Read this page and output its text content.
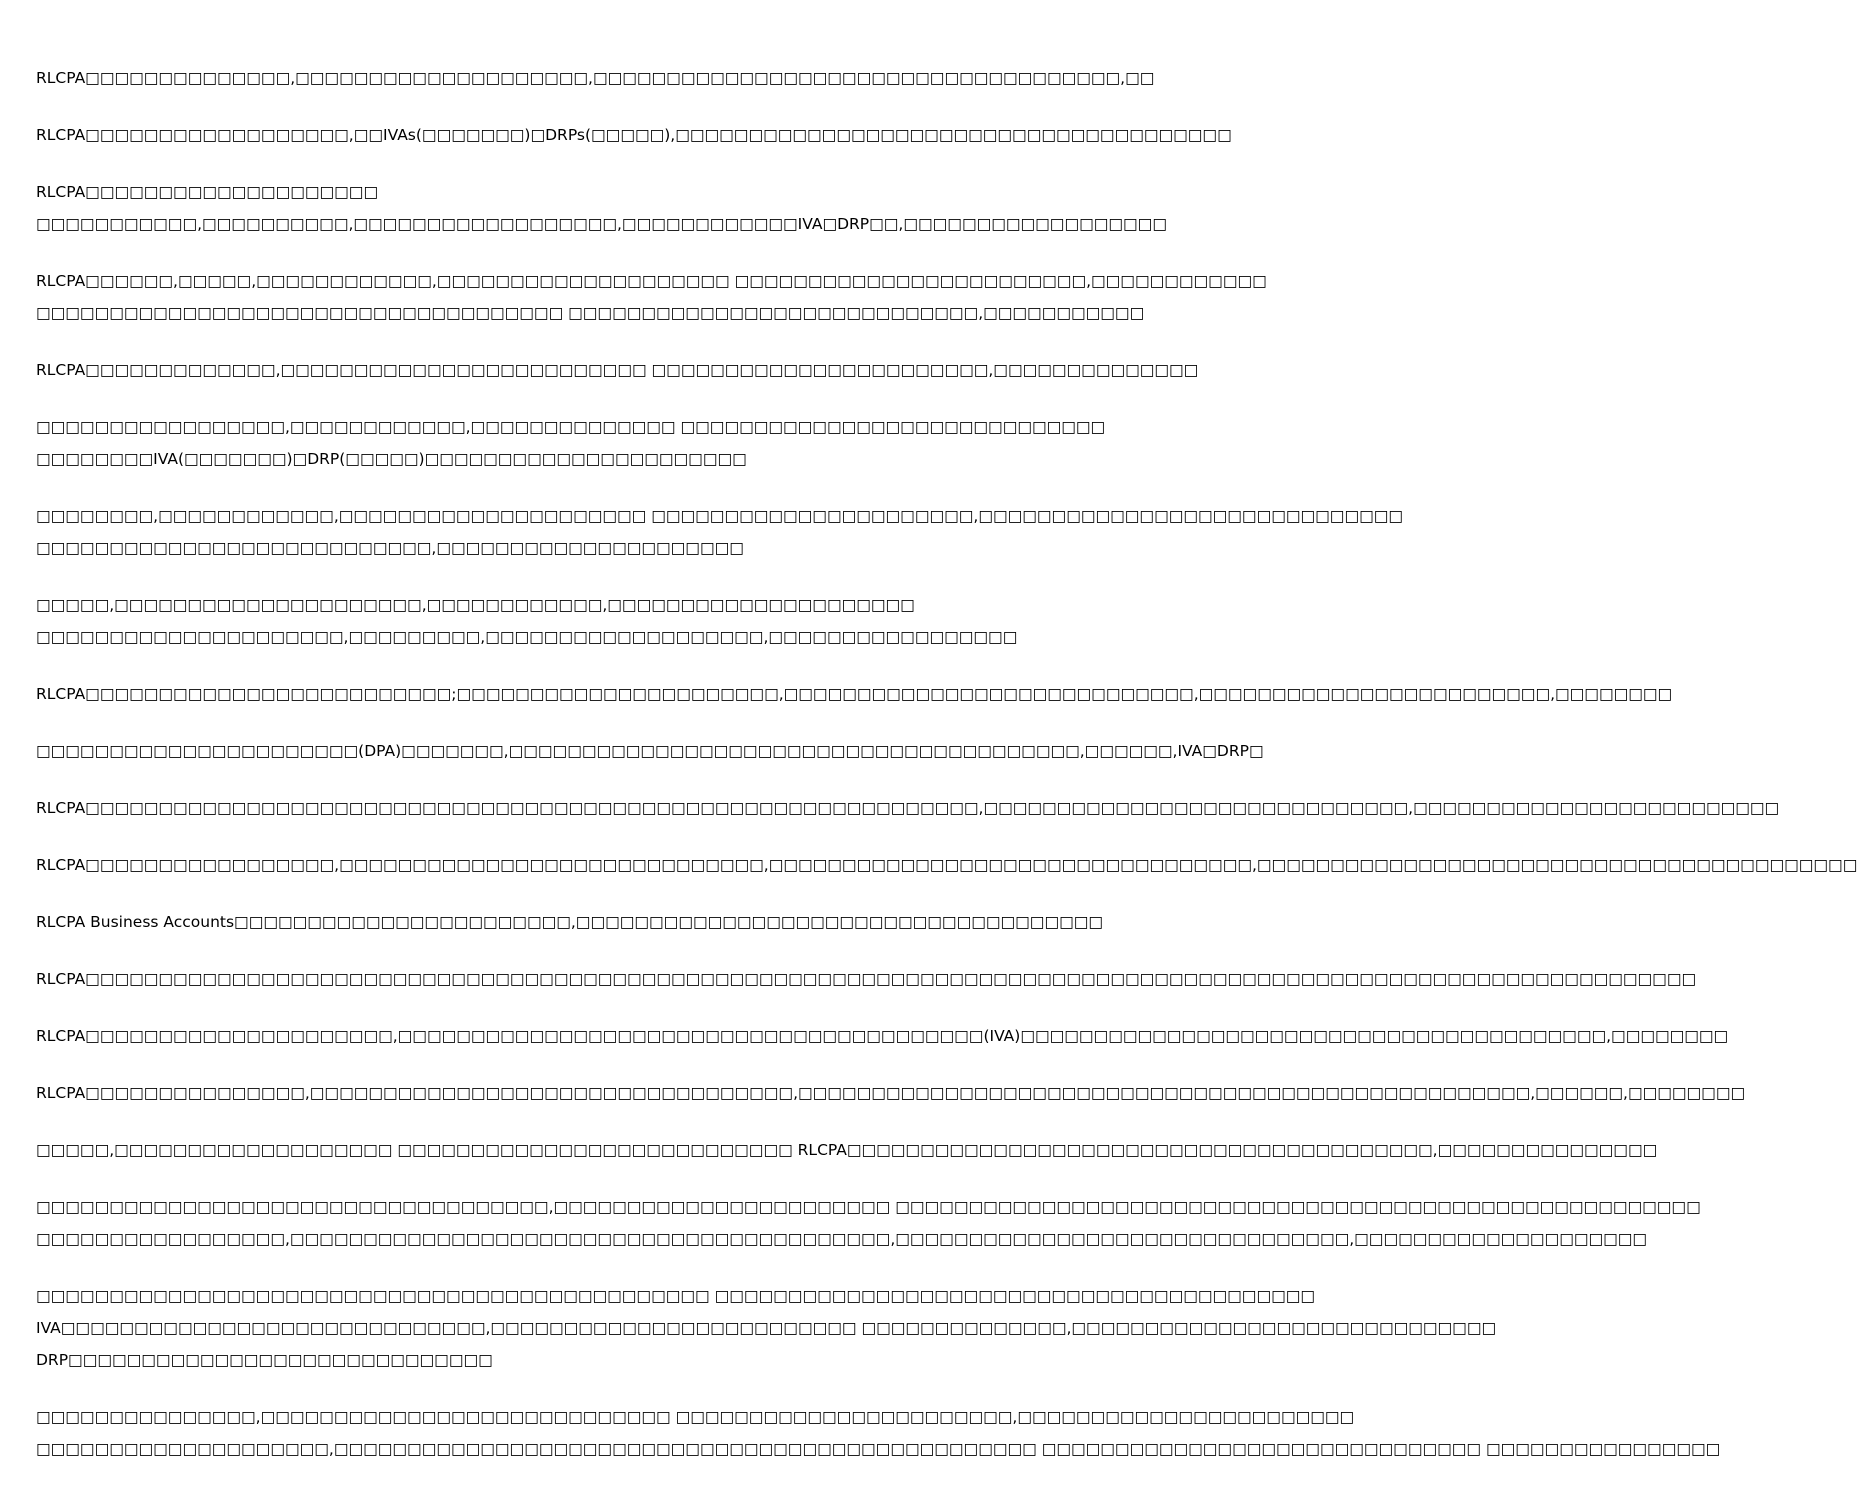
RLCPA□□□□□□□□□□□□□□,□□□□□□□□□□□□□□□□□□□□,□□□□□□□□□□□□□□□□□□□□□□□□□□□□□□□□□□□□,□□

RLCPA□□□□□□□□□□□□□□□□□□,□□IVAs(□□□□□□□)□DRPs(□□□□□),□□□□□□□□□□□□□□□□□□□□□□□□□□□□□□□□□□□□□□

RLCPA□□□□□□□□□□□□□□□□□□□□
□□□□□□□□□□□,□□□□□□□□□□,□□□□□□□□□□□□□□□□□□,□□□□□□□□□□□□IVA□DRP□□,□□□□□□□□□□□□□□□□□□

RLCPA□□□□□□,□□□□□,□□□□□□□□□□□□,□□□□□□□□□□□□□□□□□□□□ □□□□□□□□□□□□□□□□□□□□□□□□,□□□□□□□□□□□□
□□□□□□□□□□□□□□□□□□□□□□□□□□□□□□□□□□□□ □□□□□□□□□□□□□□□□□□□□□□□□□□□□,□□□□□□□□□□□

RLCPA□□□□□□□□□□□□□,□□□□□□□□□□□□□□□□□□□□□□□□□ □□□□□□□□□□□□□□□□□□□□□□□,□□□□□□□□□□□□□□

□□□□□□□□□□□□□□□□□,□□□□□□□□□□□□,□□□□□□□□□□□□□□ □□□□□□□□□□□□□□□□□□□□□□□□□□□□□
□□□□□□□□IVA(□□□□□□□)□DRP(□□□□□)□□□□□□□□□□□□□□□□□□□□□□

□□□□□□□□,□□□□□□□□□□□□,□□□□□□□□□□□□□□□□□□□□□ □□□□□□□□□□□□□□□□□□□□□□,□□□□□□□□□□□□□□□□□□□□□□□□□□□□□
□□□□□□□□□□□□□□□□□□□□□□□□□□□,□□□□□□□□□□□□□□□□□□□□□

□□□□□,□□□□□□□□□□□□□□□□□□□□□,□□□□□□□□□□□□,□□□□□□□□□□□□□□□□□□□□□
□□□□□□□□□□□□□□□□□□□□□,□□□□□□□□□,□□□□□□□□□□□□□□□□□□□,□□□□□□□□□□□□□□□□□

RLCPA□□□□□□□□□□□□□□□□□□□□□□□□□;□□□□□□□□□□□□□□□□□□□□□□,□□□□□□□□□□□□□□□□□□□□□□□□□□□□,□□□□□□□□□□□□□□□□□□□□□□□□,□□□□□□□□

□□□□□□□□□□□□□□□□□□□□□□(DPA)□□□□□□□,□□□□□□□□□□□□□□□□□□□□□□□□□□□□□□□□□□□□□□□,□□□□□□,IVA□DRP□

RLCPA□□□□□□□□□□□□□□□□□□□□□□□□□□□□□□□□□□□□□□□□□□□□□□□□□□□□□□□□□□□□□,□□□□□□□□□□□□□□□□□□□□□□□□□□□□□,□□□□□□□□□□□□□□□□□□□□□□□□□

RLCPA□□□□□□□□□□□□□□□□□,□□□□□□□□□□□□□□□□□□□□□□□□□□□□□,□□□□□□□□□□□□□□□□□□□□□□□□□□□□□□□□□,□□□□□□□□□□□□□□□□□□□□□□□□□□□□□□□□□□□□□□□□□

RLCPA Business Accounts□□□□□□□□□□□□□□□□□□□□□□□,□□□□□□□□□□□□□□□□□□□□□□□□□□□□□□□□□□□□

RLCPA□□□□□□□□□□□□□□□□□□□□□□□□□□□□□□□□□□□□□□□□□□□□□□□□□□□□□□□□□□□□□□□□□□□□□□□□□□□□□□□□□□□□□□□□□□□□□□□□□□□□□□□□□□□□□□

RLCPA□□□□□□□□□□□□□□□□□□□□□,□□□□□□□□□□□□□□□□□□□□□□□□□□□□□□□□□□□□□□□□(IVA)□□□□□□□□□□□□□□□□□□□□□□□□□□□□□□□□□□□□□□□□,□□□□□□□□

RLCPA□□□□□□□□□□□□□□□,□□□□□□□□□□□□□□□□□□□□□□□□□□□□□□□□□,□□□□□□□□□□□□□□□□□□□□□□□□□□□□□□□□□□□□□□□□□□□□□□□□□□,□□□□□□,□□□□□□□□

□□□□□,□□□□□□□□□□□□□□□□□□□ □□□□□□□□□□□□□□□□□□□□□□□□□□□ RLCPA□□□□□□□□□□□□□□□□□□□□□□□□□□□□□□□□□□□□□□□□,□□□□□□□□□□□□□□□

□□□□□□□□□□□□□□□□□□□□□□□□□□□□□□□□□□□,□□□□□□□□□□□□□□□□□□□□□□□ □□□□□□□□□□□□□□□□□□□□□□□□□□□□□□□□□□□□□□□□□□□□□□□□□□□□□□□
□□□□□□□□□□□□□□□□□,□□□□□□□□□□□□□□□□□□□□□□□□□□□□□□□□□□□□□□□□□,□□□□□□□□□□□□□□□□□□□□□□□□□□□□□□□,□□□□□□□□□□□□□□□□□□□□

□□□□□□□□□□□□□□□□□□□□□□□□□□□□□□□□□□□□□□□□□□□□□□ □□□□□□□□□□□□□□□□□□□□□□□□□□□□□□□□□□□□□□□□□
IVA□□□□□□□□□□□□□□□□□□□□□□□□□□□□□,□□□□□□□□□□□□□□□□□□□□□□□□□ □□□□□□□□□□□□□□,□□□□□□□□□□□□□□□□□□□□□□□□□□□□□
DRP□□□□□□□□□□□□□□□□□□□□□□□□□□□□□

□□□□□□□□□□□□□□□,□□□□□□□□□□□□□□□□□□□□□□□□□□□□ □□□□□□□□□□□□□□□□□□□□□□□,□□□□□□□□□□□□□□□□□□□□□□□
□□□□□□□□□□□□□□□□□□□□,□□□□□□□□□□□□□□□□□□□□□□□□□□□□□□□□□□□□□□□□□□□□□□□□ □□□□□□□□□□□□□□□□□□□□□□□□□□□□□□ □□□□□□□□□□□□□□□□
